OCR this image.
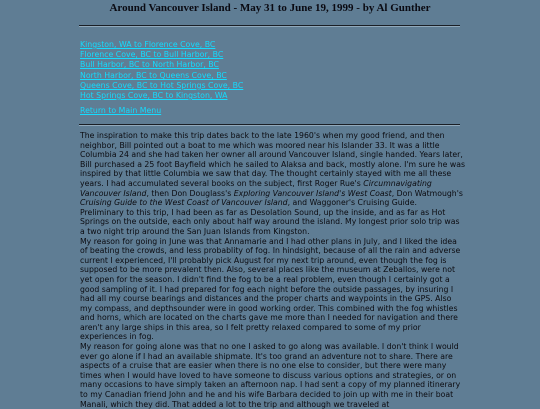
Around Vancouver Island - May 31 to June 19, 1999 - by Al Gunther
Kingston, WA to Florence Cove, BC
Florence Cove, BC to Bull Harbor, BC
Bull Harbor, BC to North Harbor, BC
North Harbor, BC to Queens Cove, BC
Queens Cove, BC to Hot Springs Cove, BC
Hot Springs Cove, BC to Kingston, WA
Return to Main Menu

The inspiration to make this trip dates back to the late 1960's when my good friend, and then neighbor, Bill pointed out a boat to me which was moored near his Islander 33. It was a little Columbia 24 and she had taken her owner all around Vancouver Island, single handed. Years later, Bill purchased a 25 foot Bayfield which he sailed to Alaksa and back, mostly alone. I'm sure he was inspired by that little Columbia we saw that day. The thought certainly stayed with me all these years. I had accumulated several books on the subject, first Roger Rue's Circumnavigating Vancouver Island, then Don Douglass's Exploring Vancouver Island's West Coast, Don Watmough's Cruising Guide to the West Coast of Vancouver Island, and Waggoner's Cruising Guide.

Preliminary to this trip, I had been as far as Desolation Sound, up the inside, and as far as Hot Springs on the outside, each only about half way around the island. My longest prior solo trip was a two night trip around the San Juan Islands from Kingston.

My reason for going in June was that Annamarie and I had other plans in July, and I liked the idea of beating the crowds, and less probablity of fog. In hindsight, because of all the rain and adverse current I experienced, I'll probably pick August for my next trip around, even though the fog is supposed to be more prevalent then. Also, several places like the museum at Zeballos, were not yet open for the season. I didn't find the fog to be a real problem, even though I certainly got a good sampling of it. I had prepared for fog each night before the outside passages, by insuring I had all my course bearings and distances and the proper charts and waypoints in the GPS. Also my compass, and depthsounder were in good working order. This combined with the fog whistles and horns, which are located on the charts gave me more than I needed for navigation and there aren't any large ships in this area, so I felt pretty relaxed compared to some of my prior experiences in fog.

My reason for going alone was that no one I asked to go along was available. I don't think I would ever go alone if I had an available shipmate. It's too grand an adventure not to share. There are aspects of a cruise that are easier when there is no one else to consider, but there were many times when I would have loved to have someone to discuss various options and strategies, or on many occasions to have simply taken an afternoon nap. I had sent a copy of my planned itinerary to my Canadian friend John and he and his wife Barbara decided to join up with me in their boat Manali, which they did. That added a lot to the trip and although we traveled at
